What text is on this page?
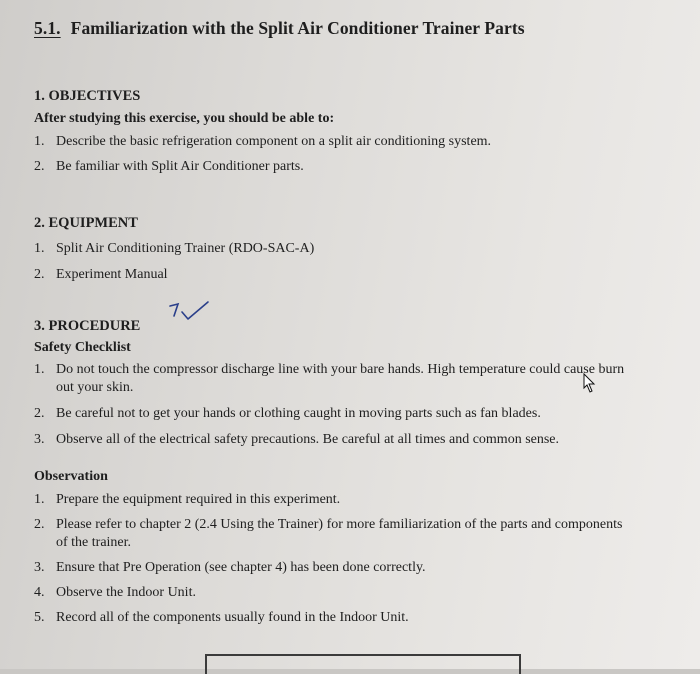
5.1. Familiarization with the Split Air Conditioner Trainer Parts
1. OBJECTIVES
After studying this exercise, you should be able to:
1. Describe the basic refrigeration component on a split air conditioning system.
2. Be familiar with Split Air Conditioner parts.
2. EQUIPMENT
1. Split Air Conditioning Trainer (RDO-SAC-A)
2. Experiment Manual
3. PROCEDURE
Safety Checklist
1. Do not touch the compressor discharge line with your bare hands. High temperature could cause burn out your skin.
2. Be careful not to get your hands or clothing caught in moving parts such as fan blades.
3. Observe all of the electrical safety precautions. Be careful at all times and common sense.
Observation
1. Prepare the equipment required in this experiment.
2. Please refer to chapter 2 (2.4 Using the Trainer) for more familiarization of the parts and components of the trainer.
3. Ensure that Pre Operation (see chapter 4) has been done correctly.
4. Observe the Indoor Unit.
5. Record all of the components usually found in the Indoor Unit.
